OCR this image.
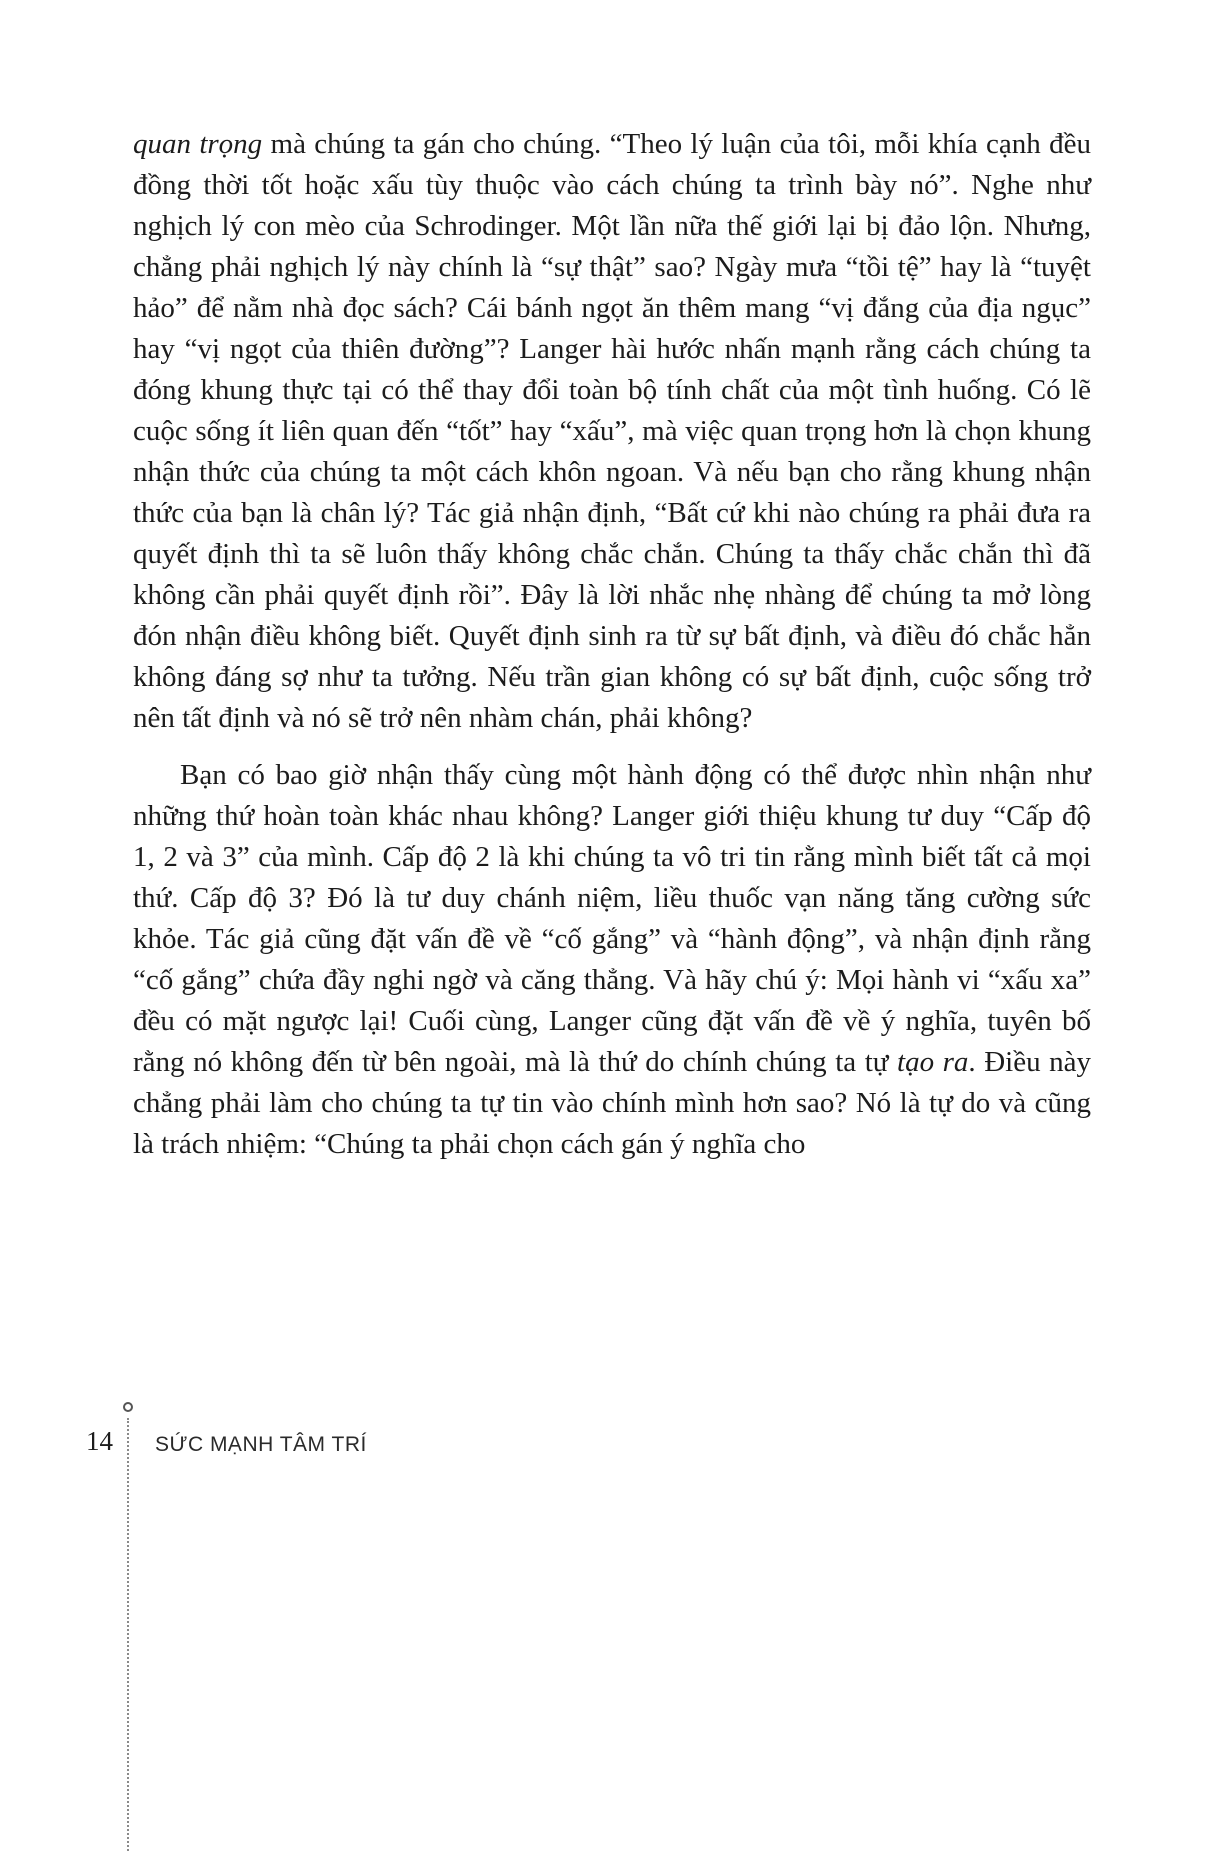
quan trọng mà chúng ta gán cho chúng. “Theo lý luận của tôi, mỗi khía cạnh đều đồng thời tốt hoặc xấu tùy thuộc vào cách chúng ta trình bày nó”. Nghe như nghịch lý con mèo của Schrodinger. Một lần nữa thế giới lại bị đảo lộn. Nhưng, chẳng phải nghịch lý này chính là “sự thật” sao? Ngày mưa “tồi tệ” hay là “tuyệt hảo” để nằm nhà đọc sách? Cái bánh ngọt ăn thêm mang “vị đắng của địa ngục” hay “vị ngọt của thiên đường”? Langer hài hước nhấn mạnh rằng cách chúng ta đóng khung thực tại có thể thay đổi toàn bộ tính chất của một tình huống. Có lẽ cuộc sống ít liên quan đến “tốt” hay “xấu”, mà việc quan trọng hơn là chọn khung nhận thức của chúng ta một cách khôn ngoan. Và nếu bạn cho rằng khung nhận thức của bạn là chân lý? Tác giả nhận định, “Bất cứ khi nào chúng ra phải đưa ra quyết định thì ta sẽ luôn thấy không chắc chắn. Chúng ta thấy chắc chắn thì đã không cần phải quyết định rồi”. Đây là lời nhắc nhẹ nhàng để chúng ta mở lòng đón nhận điều không biết. Quyết định sinh ra từ sự bất định, và điều đó chắc hẳn không đáng sợ như ta tưởng. Nếu trần gian không có sự bất định, cuộc sống trở nên tất định và nó sẽ trở nên nhàm chán, phải không?

Bạn có bao giờ nhận thấy cùng một hành động có thể được nhìn nhận như những thứ hoàn toàn khác nhau không? Langer giới thiệu khung tư duy “Cấp độ 1, 2 và 3” của mình. Cấp độ 2 là khi chúng ta vô tri tin rằng mình biết tất cả mọi thứ. Cấp độ 3? Đó là tư duy chánh niệm, liều thuốc vạn năng tăng cường sức khỏe. Tác giả cũng đặt vấn đề về “cố gắng” và “hành động”, và nhận định rằng “cố gắng” chứa đầy nghi ngờ và căng thẳng. Và hãy chú ý: Mọi hành vi “xấu xa” đều có mặt ngược lại! Cuối cùng, Langer cũng đặt vấn đề về ý nghĩa, tuyên bố rằng nó không đến từ bên ngoài, mà là thứ do chính chúng ta tự tạo ra. Điều này chẳng phải làm cho chúng ta tự tin vào chính mình hơn sao? Nó là tự do và cũng là trách nhiệm: “Chúng ta phải chọn cách gán ý nghĩa cho

14 SỨC MẠNH TÂM TRÍ
